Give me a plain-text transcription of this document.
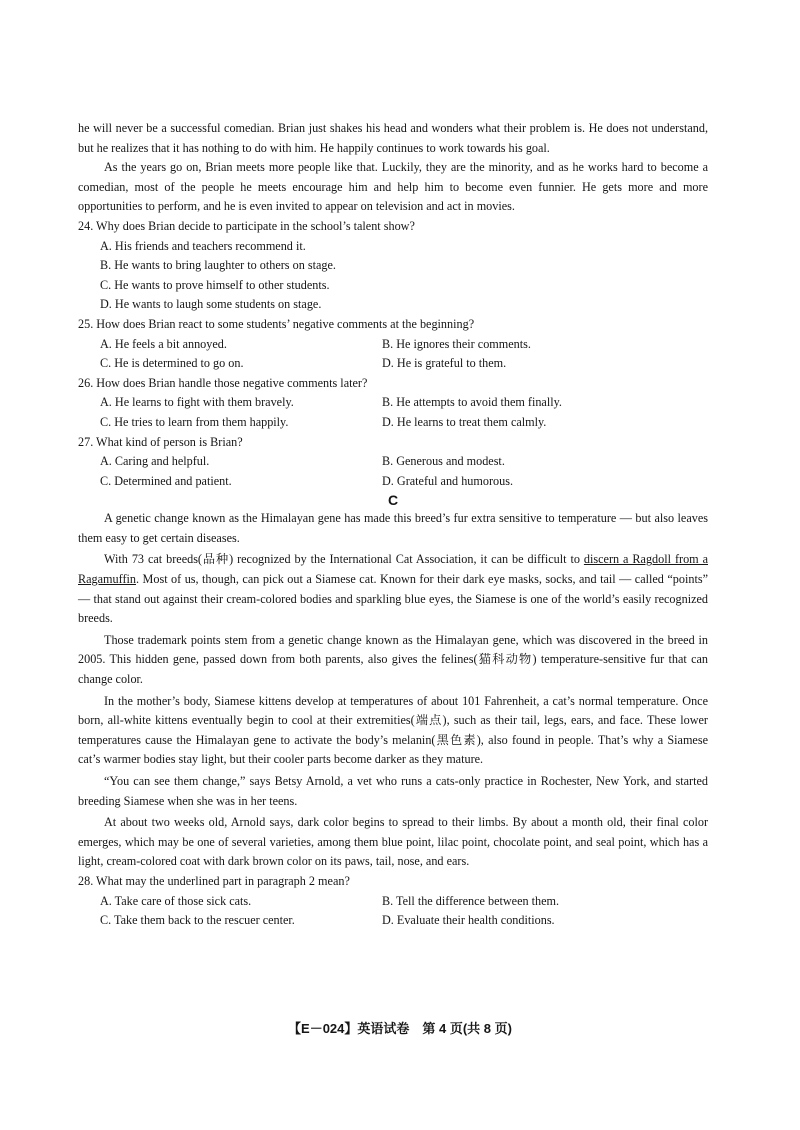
he will never be a successful comedian. Brian just shakes his head and wonders what their problem is. He does not understand, but he realizes that it has nothing to do with him. He happily continues to work towards his goal.

As the years go on, Brian meets more people like that. Luckily, they are the minority, and as he works hard to become a comedian, most of the people he meets encourage him and help him to become even funnier. He gets more and more opportunities to perform, and he is even invited to appear on television and act in movies.

24. Why does Brian decide to participate in the school’s talent show?
A. His friends and teachers recommend it.
B. He wants to bring laughter to others on stage.
C. He wants to prove himself to other students.
D. He wants to laugh some students on stage.
25. How does Brian react to some students’ negative comments at the beginning?
A. He feels a bit annoyed.	B. He ignores their comments.
C. He is determined to go on.	D. He is grateful to them.
26. How does Brian handle those negative comments later?
A. He learns to fight with them bravely.	B. He attempts to avoid them finally.
C. He tries to learn from them happily.	D. He learns to treat them calmly.
27. What kind of person is Brian?
A. Caring and helpful.	B. Generous and modest.
C. Determined and patient.	D. Grateful and humorous.
C

A genetic change known as the Himalayan gene has made this breed’s fur extra sensitive to temperature — but also leaves them easy to get certain diseases.

With 73 cat breeds(品种) recognized by the International Cat Association, it can be difficult to discern a Ragdoll from a Ragamuffin. Most of us, though, can pick out a Siamese cat. Known for their dark eye masks, socks, and tail — called “points” — that stand out against their cream-colored bodies and sparkling blue eyes, the Siamese is one of the world’s easily recognized breeds.

Those trademark points stem from a genetic change known as the Himalayan gene, which was discovered in the breed in 2005. This hidden gene, passed down from both parents, also gives the felines(猫科动物) temperature-sensitive fur that can change color.

In the mother’s body, Siamese kittens develop at temperatures of about 101 Fahrenheit, a cat’s normal temperature. Once born, all-white kittens eventually begin to cool at their extremities(端点), such as their tail, legs, ears, and face. These lower temperatures cause the Himalayan gene to activate the body’s melanin(黑色素), also found in people. That’s why a Siamese cat’s warmer bodies stay light, but their cooler parts become darker as they mature.

“You can see them change,” says Betsy Arnold, a vet who runs a cats-only practice in Rochester, New York, and started breeding Siamese when she was in her teens.

At about two weeks old, Arnold says, dark color begins to spread to their limbs. By about a month old, their final color emerges, which may be one of several varieties, among them blue point, lilac point, chocolate point, and seal point, which has a light, cream-colored coat with dark brown color on its paws, tail, nose, and ears.

28. What may the underlined part in paragraph 2 mean?
A. Take care of those sick cats.	B. Tell the difference between them.
C. Take them back to the rescuer center.	D. Evaluate their health conditions.
【E－024】英语试卷　第 4 页(共 8 页)
